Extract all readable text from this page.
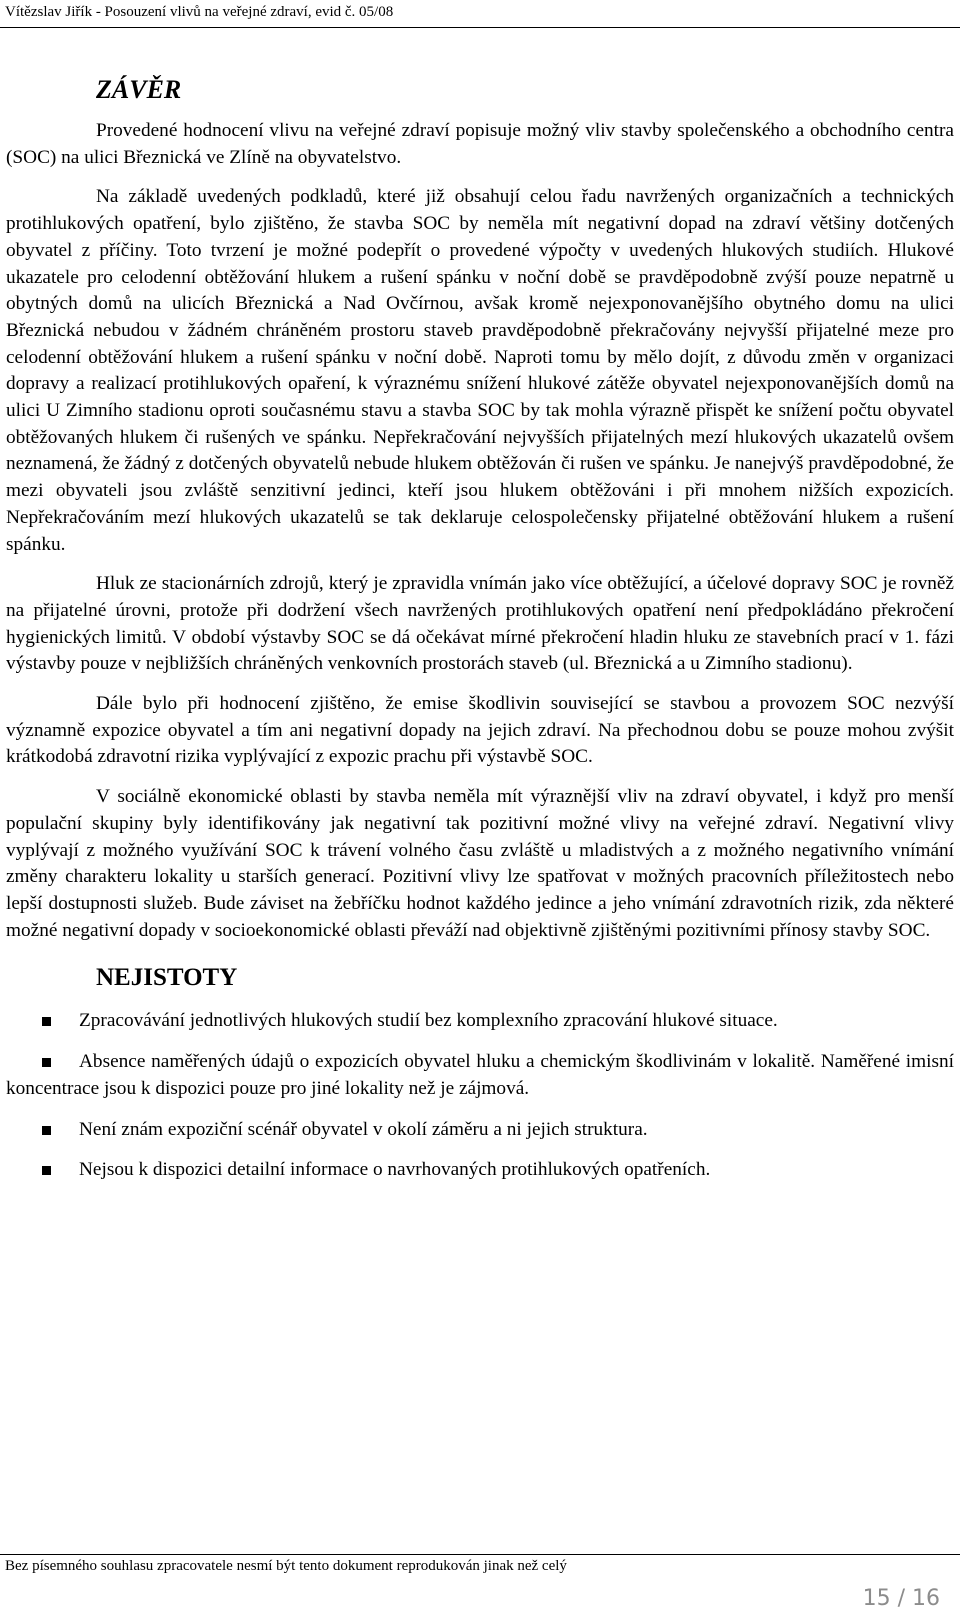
Vítězslav Jiřík - Posouzení vlivů na veřejné zdraví, evid č. 05/08
ZÁVĚR

Provedené hodnocení vlivu na veřejné zdraví popisuje možný vliv stavby společenského a obchodního centra (SOC) na ulici Březnická ve Zlíně na obyvatelstvo.

Na základě uvedených podkladů, které již obsahují celou řadu navržených organizačních a technických protihlukových opatření, bylo zjištěno, že stavba SOC by neměla mít negativní dopad na zdraví většiny dotčených obyvatel z příčiny. Toto tvrzení je možné podepřít o provedené výpočty v uvedených hlukových studiích. Hlukové ukazatele pro celodenní obtěžování hlukem a rušení spánku v noční době se pravděpodobně zvýší pouze nepatrně u obytných domů na ulicích Březnická a Nad Ovčírnou, avšak kromě nejexponovanějšího obytného domu na ulici Březnická nebudou v žádném chráněném prostoru staveb pravděpodobně překračovány nejvyšší přijatelné meze pro celodenní obtěžování hlukem a rušení spánku v noční době. Naproti tomu by mělo dojít, z důvodu změn v organizaci dopravy a realizací protihlukových opaření, k výraznému snížení hlukové zátěže obyvatel nejexponovanějších domů na ulici U Zimního stadionu oproti současnému stavu a stavba SOC by tak mohla výrazně přispět ke snížení počtu obyvatel obtěžovaných hlukem či rušených ve spánku. Nepřekračování nejvyšších přijatelných mezí hlukových ukazatelů ovšem neznamená, že žádný z dotčených obyvatelů nebude hlukem obtěžován či rušen ve spánku. Je nanejvýš pravděpodobné, že mezi obyvateli jsou zvláště senzitivní jedinci, kteří jsou hlukem obtěžováni i při mnohem nižších expozicích. Nepřekračováním mezí hlukových ukazatelů se tak deklaruje celospolečensky přijatelné obtěžování hlukem a rušení spánku.

Hluk ze stacionárních zdrojů, který je zpravidla vnímán jako více obtěžující, a účelové dopravy SOC je rovněž na přijatelné úrovni, protože při dodržení všech navržených protihlukových opatření není předpokládáno překročení hygienických limitů. V období výstavby SOC se dá očekávat mírné překročení hladin hluku ze stavebních prací v 1. fázi výstavby pouze v nejbližších chráněných venkovních prostorách staveb (ul. Březnická a u Zimního stadionu).

Dále bylo při hodnocení zjištěno, že emise škodlivin související se stavbou a provozem SOC nezvýší významně expozice obyvatel a tím ani negativní dopady na jejich zdraví. Na přechodnou dobu se pouze mohou zvýšit krátkodobá zdravotní rizika vyplývající z expozic prachu při výstavbě SOC.

V sociálně ekonomické oblasti by stavba neměla mít výraznější vliv na zdraví obyvatel, i když pro menší populační skupiny byly identifikovány jak negativní tak pozitivní možné vlivy na veřejné zdraví. Negativní vlivy vyplývají z možného využívání SOC k trávení volného času zvláště u mladistvých a z možného negativního vnímání změny charakteru lokality u starších generací. Pozitivní vlivy lze spatřovat v možných pracovních příležitostech nebo lepší dostupnosti služeb. Bude záviset na žebříčku hodnot každého jedince a jeho vnímání zdravotních rizik, zda některé možné negativní dopady v socioekonomické oblasti převáží nad objektivně zjištěnými pozitivními přínosy stavby SOC.

NEJISTOTY
Zpracovávání jednotlivých hlukových studií bez komplexního zpracování hlukové situace.
Absence naměřených údajů o expozicích obyvatel hluku a chemickým škodlivinám v lokalitě. Naměřené imisní koncentrace jsou k dispozici pouze pro jiné lokality než je zájmová.
Není znám expoziční scénář obyvatel v okolí záměru a ni jejich struktura.
Nejsou k dispozici detailní informace o navrhovaných protihlukových opatřeních.
Bez písemného souhlasu zpracovatele nesmí být tento dokument reprodukován jinak než celý
15 / 16
